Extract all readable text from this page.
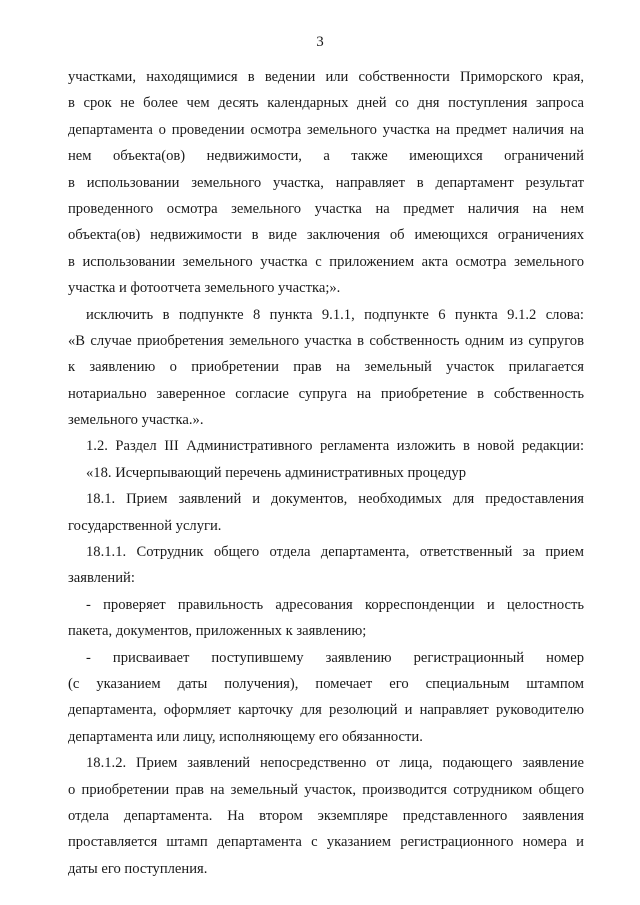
3
участками, находящимися в ведении или собственности Приморского края,
в срок не более чем десять календарных дней со дня поступления запроса
департамента о проведении осмотра земельного участка на предмет наличия на
нем объекта(ов) недвижимости, а также имеющихся ограничений
в использовании земельного участка, направляет в департамент результат
проведенного осмотра земельного участка на предмет наличия на нем
объекта(ов) недвижимости в виде заключения об имеющихся ограничениях
в использовании земельного участка с приложением акта осмотра земельного
участка и фотоотчета земельного участка;».
исключить в подпункте 8 пункта 9.1.1, подпункте 6 пункта 9.1.2 слова:
«В случае приобретения земельного участка в собственность одним из супругов
к заявлению о приобретении прав на земельный участок прилагается
нотариально заверенное согласие супруга на приобретение в собственность
земельного участка.».
1.2. Раздел III Административного регламента изложить в новой редакции:
«18. Исчерпывающий перечень административных процедур
18.1. Прием заявлений и документов, необходимых для предоставления
государственной услуги.
18.1.1. Сотрудник общего отдела департамента, ответственный за прием
заявлений:
- проверяет правильность адресования корреспонденции и целостность
пакета, документов, приложенных к заявлению;
- присваивает поступившему заявлению регистрационный номер
(с указанием даты получения), помечает его специальным штампом
департамента, оформляет карточку для резолюций и направляет руководителю
департамента или лицу, исполняющему его обязанности.
18.1.2. Прием заявлений непосредственно от лица, подающего заявление
о приобретении прав на земельный участок, производится сотрудником общего
отдела департамента. На втором экземпляре представленного заявления
проставляется штамп департамента с указанием регистрационного номера и
даты его поступления.
